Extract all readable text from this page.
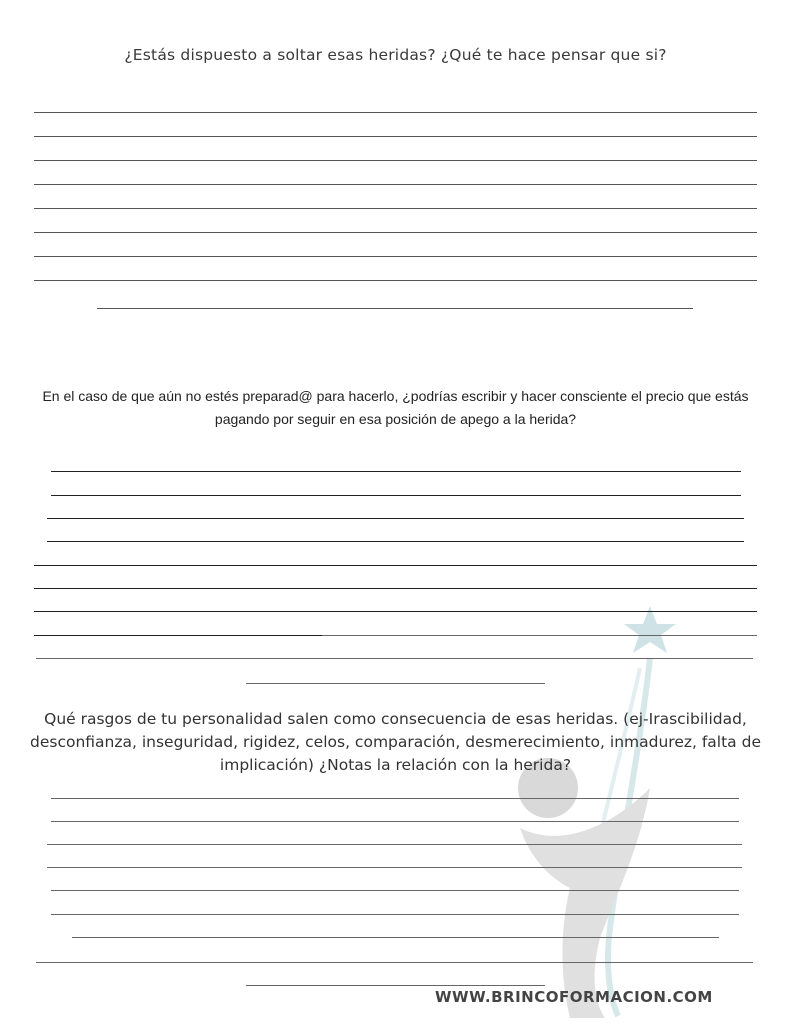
¿Estás dispuesto a soltar esas heridas? ¿Qué te hace pensar que si?

En el caso de que aún no estés preparad@ para hacerlo, ¿podrías escribir y hacer consciente el precio que estás pagando por seguir en esa posición de apego a la herida?

Qué rasgos de tu personalidad salen como consecuencia de esas heridas. (ej-Irascibilidad, desconfianza, inseguridad, rigidez, celos, comparación, desmerecimiento, inmadurez, falta de implicación) ¿Notas la relación con la herida?

WWW.BRINCOFORMACION.COM
